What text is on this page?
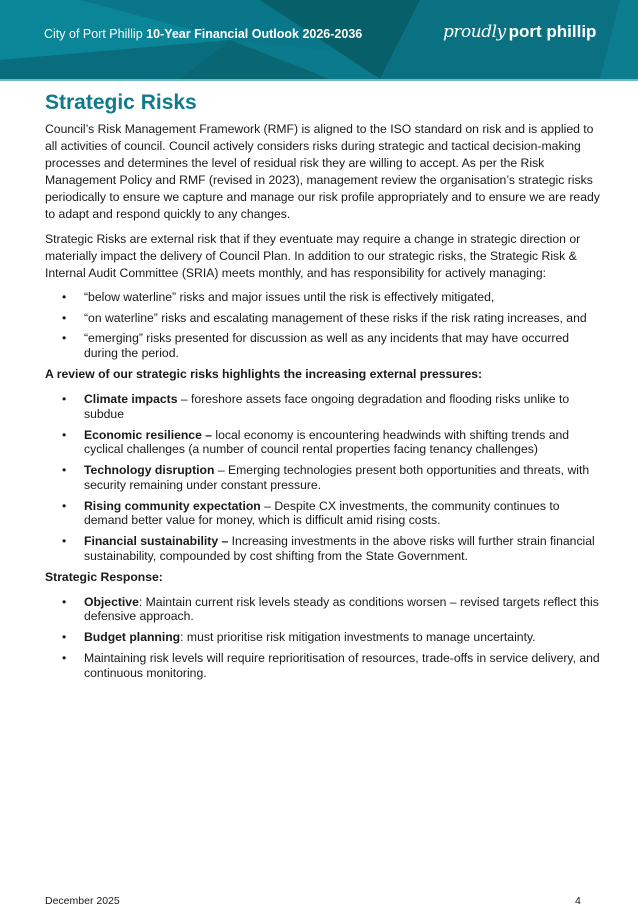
City of Port Phillip 10-Year Financial Outlook 2026-2036	proudly port phillip
Strategic Risks

Council’s Risk Management Framework (RMF) is aligned to the ISO standard on risk and is applied to all activities of council. Council actively considers risks during strategic and tactical decision-making processes and determines the level of residual risk they are willing to accept. As per the Risk Management Policy and RMF (revised in 2023), management review the organisation’s strategic risks periodically to ensure we capture and manage our risk profile appropriately and to ensure we are ready to adapt and respond quickly to any changes.

Strategic Risks are external risk that if they eventuate may require a change in strategic direction or materially impact the delivery of Council Plan. In addition to our strategic risks, the Strategic Risk & Internal Audit Committee (SRIA) meets monthly, and has responsibility for actively managing:

• “below waterline” risks and major issues until the risk is effectively mitigated,
• “on waterline” risks and escalating management of these risks if the risk rating increases, and
• “emerging” risks presented for discussion as well as any incidents that may have occurred during the period.
A review of our strategic risks highlights the increasing external pressures:
• Climate impacts – foreshore assets face ongoing degradation and flooding risks unlike to subdue
• Economic resilience – local economy is encountering headwinds with shifting trends and cyclical challenges (a number of council rental properties facing tenancy challenges)
• Technology disruption – Emerging technologies present both opportunities and threats, with security remaining under constant pressure.
• Rising community expectation – Despite CX investments, the community continues to demand better value for money, which is difficult amid rising costs.
• Financial sustainability – Increasing investments in the above risks will further strain financial sustainability, compounded by cost shifting from the State Government.
Strategic Response:
• Objective: Maintain current risk levels steady as conditions worsen – revised targets reflect this defensive approach.
• Budget planning: must prioritise risk mitigation investments to manage uncertainty.
• Maintaining risk levels will require reprioritisation of resources, trade-offs in service delivery, and continuous monitoring.
December 2025	4
